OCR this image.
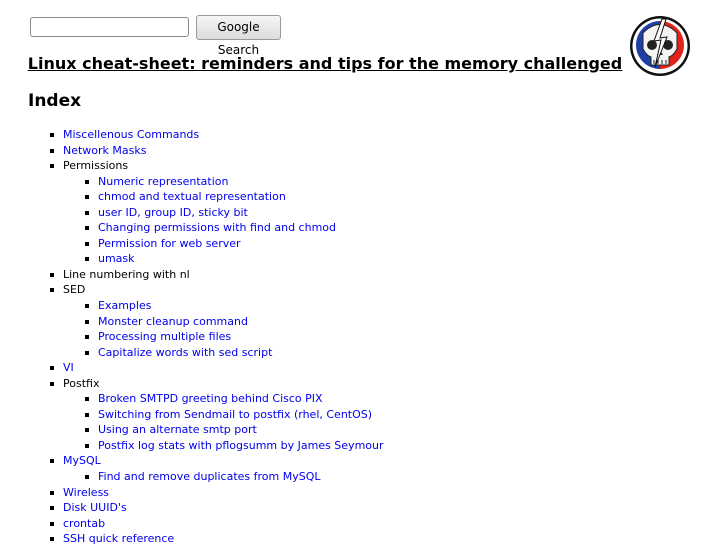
Google Search
Linux cheat-sheet: reminders and tips for the memory challenged
Index
Miscellenous Commands
Network Masks
Permissions
Numeric representation
chmod and textual representation
user ID, group ID, sticky bit
Changing permissions with find and chmod
Permission for web server
umask
Line numbering with nl
SED
Examples
Monster cleanup command
Processing multiple files
Capitalize words with sed script
VI
Postfix
Broken SMTPD greeting behind Cisco PIX
Switching from Sendmail to postfix (rhel, CentOS)
Using an alternate smtp port
Postfix log stats with pflogsumm by James Seymour
MySQL
Find and remove duplicates from MySQL
Wireless
Disk UUID's
crontab
SSH quick reference
